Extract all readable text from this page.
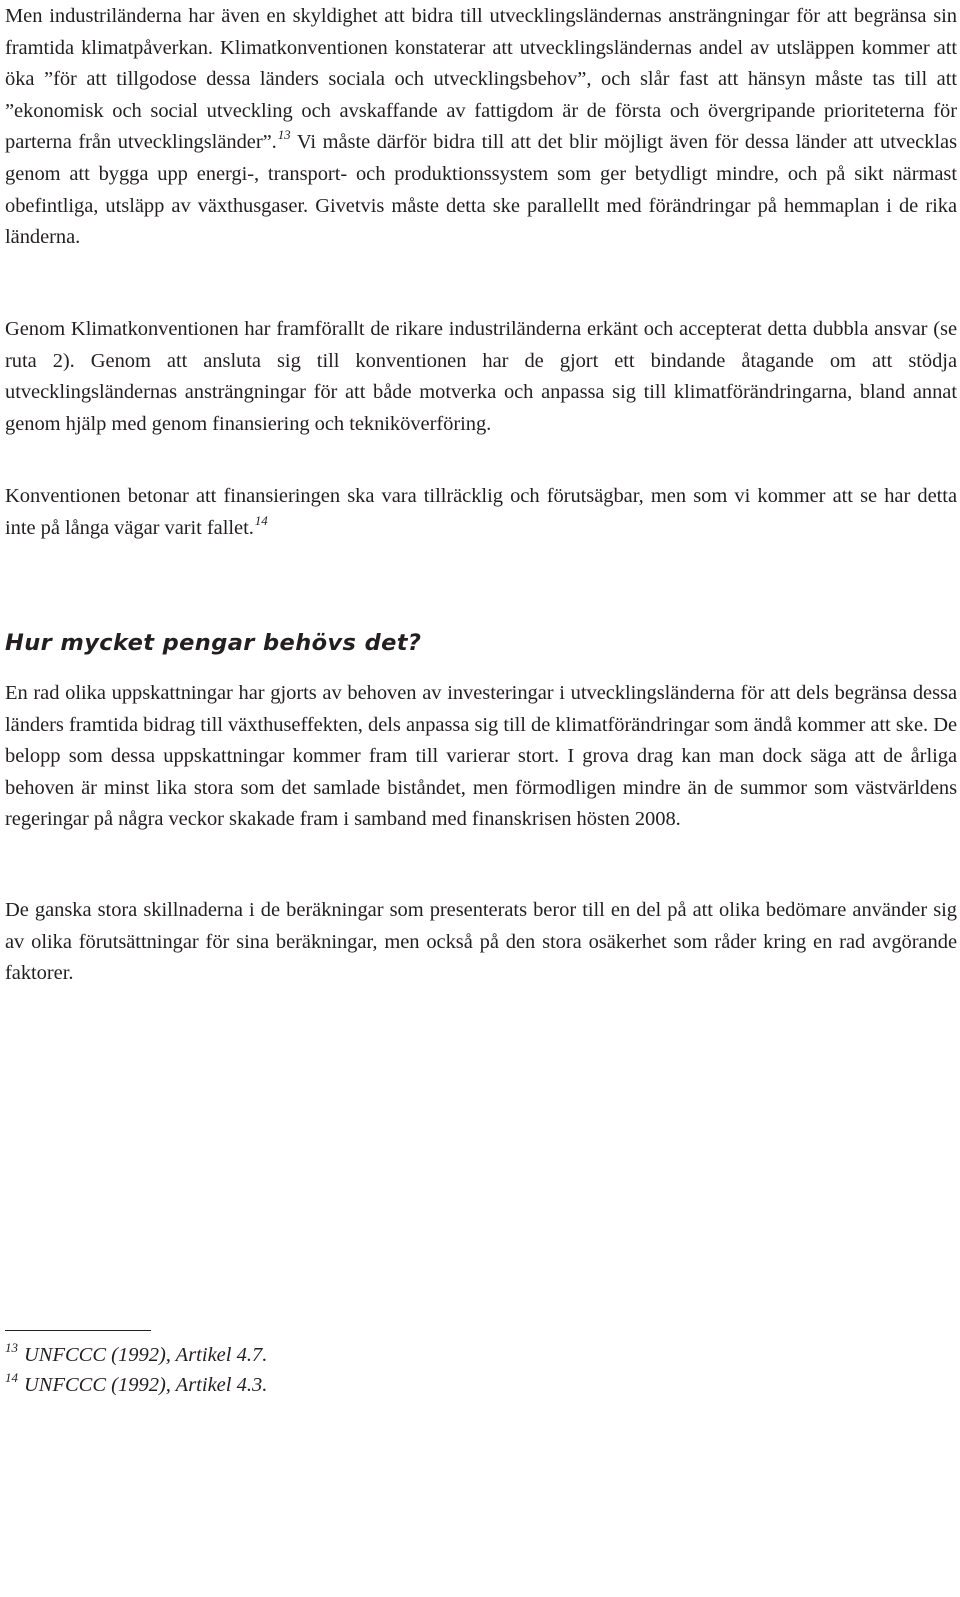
Men industriländerna har även en skyldighet att bidra till utvecklingsländernas ansträngningar för att begränsa sin framtida klimatpåverkan. Klimatkonventionen konstaterar att utvecklingsländernas andel av utsläppen kommer att öka ”för att tillgodose dessa länders sociala och utvecklingsbehov”, och slår fast att hänsyn måste tas till att ”ekonomisk och social utveckling och avskaffande av fattigdom är de första och övergripande prioriteterna för parterna från utvecklingsländer”.$^{13}$ Vi måste därför bidra till att det blir möjligt även för dessa länder att utvecklas genom att bygga upp energi-, transport- och produktionssystem som ger betydligt mindre, och på sikt närmast obefintliga, utsläpp av växthusgaser. Givetvis måste detta ske parallellt med förändringar på hemmaplan i de rika länderna.

Genom Klimatkonventionen har framförallt de rikare industriländerna erkänt och accepterat detta dubbla ansvar (se ruta 2). Genom att ansluta sig till konventionen har de gjort ett bindande åtagande om att stödja utvecklingsländernas ansträngningar för att både motverka och anpassa sig till klimatförändringarna, bland annat genom hjälp med genom finansiering och tekniköverföring.

Konventionen betonar att finansieringen ska vara tillräcklig och förutsägbar, men som vi kommer att se har detta inte på långa vägar varit fallet.$^{14}$

Hur mycket pengar behövs det?

En rad olika uppskattningar har gjorts av behoven av investeringar i utvecklingsländerna för att dels begränsa dessa länders framtida bidrag till växthuseffekten, dels anpassa sig till de klimatförändringar som ändå kommer att ske. De belopp som dessa uppskattningar kommer fram till varierar stort. I grova drag kan man dock säga att de årliga behoven är minst lika stora som det samlade biståndet, men förmodligen mindre än de summor som västvärldens regeringar på några veckor skakade fram i samband med finanskrisen hösten 2008.

De ganska stora skillnaderna i de beräkningar som presenterats beror till en del på att olika bedömare använder sig av olika förutsättningar för sina beräkningar, men också på den stora osäkerhet som råder kring en rad avgörande faktorer.

$^{13}$ UNFCCC (1992), Artikel 4.7.
$^{14}$ UNFCCC (1992), Artikel 4.3.
